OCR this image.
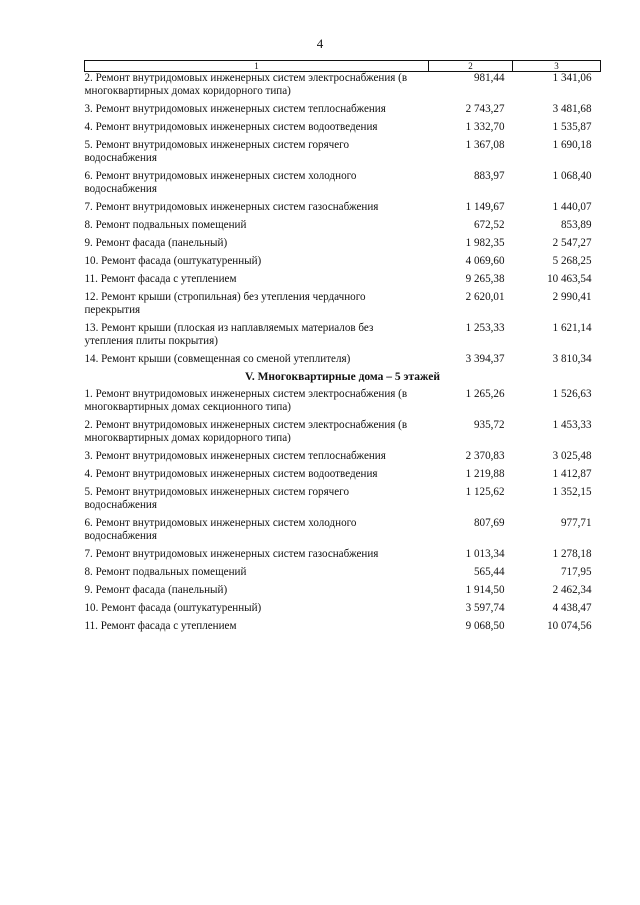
4
1	2	3
2. Ремонт внутридомовых инженерных систем электроснабжения (в многоквартирных домах коридорного типа)	981,44	1 341,06
3. Ремонт внутридомовых инженерных систем теплоснабжения	2 743,27	3 481,68
4. Ремонт внутридомовых инженерных систем водоотведения	1 332,70	1 535,87
5. Ремонт внутридомовых инженерных систем горячего водоснабжения	1 367,08	1 690,18
6. Ремонт внутридомовых инженерных систем холодного водоснабжения	883,97	1 068,40
7. Ремонт внутридомовых инженерных систем газоснабжения	1 149,67	1 440,07
8. Ремонт подвальных помещений	672,52	853,89
9. Ремонт фасада (панельный)	1 982,35	2 547,27
10. Ремонт фасада (оштукатуренный)	4 069,60	5 268,25
11. Ремонт фасада с утеплением	9 265,38	10 463,54
12. Ремонт крыши (стропильная) без утепления чердачного перекрытия	2 620,01	2 990,41
13. Ремонт крыши (плоская из наплавляемых материалов без утепления плиты покрытия)	1 253,33	1 621,14
14. Ремонт крыши (совмещенная со сменой утеплителя)	3 394,37	3 810,34
V. Многоквартирные дома – 5 этажей		
1. Ремонт внутридомовых инженерных систем электроснабжения (в многоквартирных домах секционного типа)	1 265,26	1 526,63
2. Ремонт внутридомовых инженерных систем электроснабжения (в многоквартирных домах коридорного типа)	935,72	1 453,33
3. Ремонт внутридомовых инженерных систем теплоснабжения	2 370,83	3 025,48
4. Ремонт внутридомовых инженерных систем водоотведения	1 219,88	1 412,87
5. Ремонт внутридомовых инженерных систем горячего водоснабжения	1 125,62	1 352,15
6. Ремонт внутридомовых инженерных систем холодного водоснабжения	807,69	977,71
7. Ремонт внутридомовых инженерных систем газоснабжения	1 013,34	1 278,18
8. Ремонт подвальных помещений	565,44	717,95
9. Ремонт фасада (панельный)	1 914,50	2 462,34
10. Ремонт фасада (оштукатуренный)	3 597,74	4 438,47
11. Ремонт фасада с утеплением	9 068,50	10 074,56
